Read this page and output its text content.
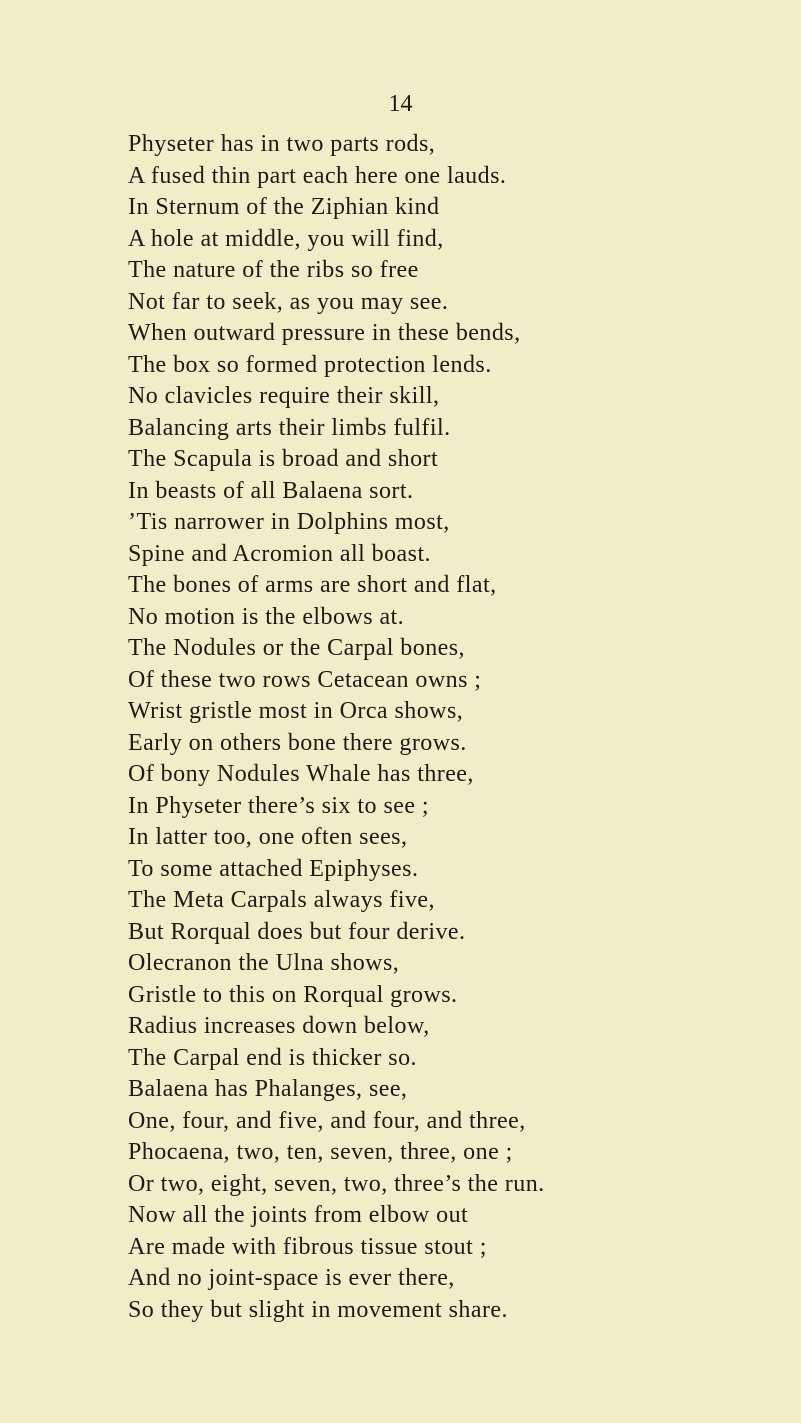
14
Physeter has in two parts rods,
A fused thin part each here one lauds.
In Sternum of the Ziphian kind
A hole at middle, you will find,
The nature of the ribs so free
Not far to seek, as you may see.
When outward pressure in these bends,
The box so formed protection lends.
No clavicles require their skill,
Balancing arts their limbs fulfil.
The Scapula is broad and short
In beasts of all Balaena sort.
’Tis narrower in Dolphins most,
Spine and Acromion all boast.
The bones of arms are short and flat,
No motion is the elbows at.
The Nodules or the Carpal bones,
Of these two rows Cetacean owns ;
Wrist gristle most in Orca shows,
Early on others bone there grows.
Of bony Nodules Whale has three,
In Physeter there’s six to see ;
In latter too, one often sees,
To some attached Epiphyses.
The Meta Carpals always five,
But Rorqual does but four derive.
Olecranon the Ulna shows,
Gristle to this on Rorqual grows.
Radius increases down below,
The Carpal end is thicker so.
Balaena has Phalanges, see,
One, four, and five, and four, and three,
Phocaena, two, ten, seven, three, one ;
Or two, eight, seven, two, three’s the run.
Now all the joints from elbow out
Are made with fibrous tissue stout ;
And no joint-space is ever there,
So they but slight in movement share.
